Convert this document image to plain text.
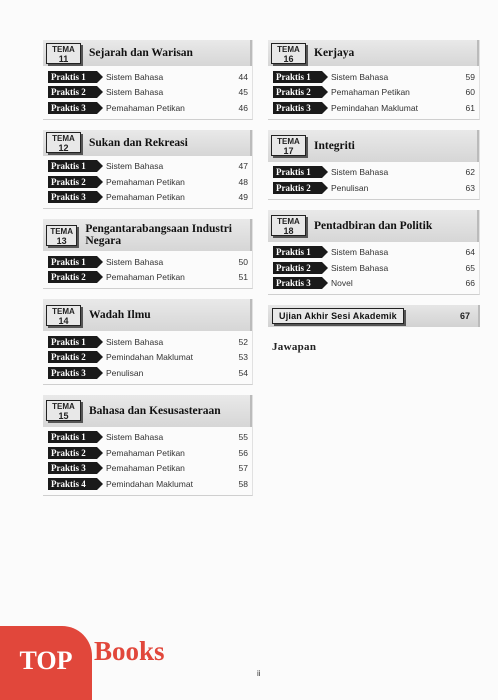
TEMA
11	Sejarah dan Warisan
Praktis 1	Sistem Bahasa	44
Praktis 2	Sistem Bahasa	45
Praktis 3	Pemahaman Petikan	46
TEMA
12	Sukan dan Rekreasi
Praktis 1	Sistem Bahasa	47
Praktis 2	Pemahaman Petikan	48
Praktis 3	Pemahaman Petikan	49
TEMA
13
Pengantarabangsaan Industri Negara
Praktis 1	Sistem Bahasa	50
Praktis 2	Pemahaman Petikan	51
TEMA
14	Wadah Ilmu
Praktis 1	Sistem Bahasa	52
Praktis 2	Pemindahan Maklumat	53
Praktis 3	Penulisan	54
TEMA
15	Bahasa dan Kesusasteraan
Praktis 1	Sistem Bahasa	55
Praktis 2	Pemahaman Petikan	56
Praktis 3	Pemahaman Petikan	57
Praktis 4	Pemindahan Maklumat	58
TEMA
16	Kerjaya
Praktis 1	Sistem Bahasa	59
Praktis 2	Pemahaman Petikan	60
Praktis 3	Pemindahan Maklumat	61
TEMA
17	Integriti
Praktis 1	Sistem Bahasa	62
Praktis 2	Penulisan	63
TEMA
18	Pentadbiran dan Politik
Praktis 1	Sistem Bahasa	64
Praktis 2	Sistem Bahasa	65
Praktis 3	Novel	66
Ujian Akhir Sesi Akademik	67
Jawapan
TOP Books
ii
